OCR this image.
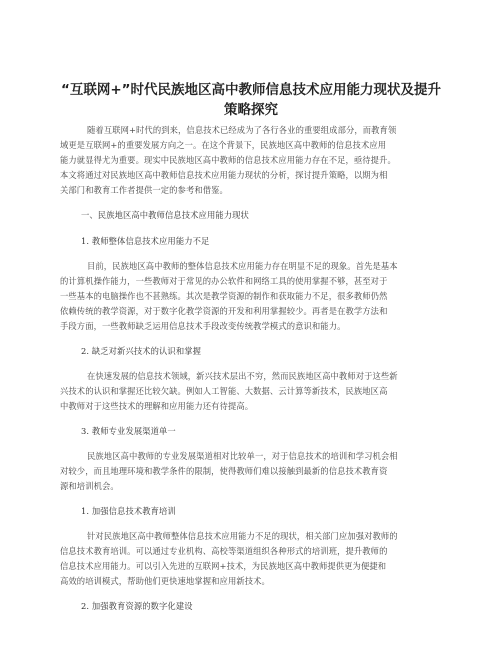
“互联网+”时代民族地区高中教师信息技术应用能力现状及提升
策略探究
随着互联网+时代的到来，信息技术已经成为了各行各业的重要组成部分，而教育领
域更是互联网+的重要发展方向之一。在这个背景下，民族地区高中教师的信息技术应用
能力就显得尤为重要。现实中民族地区高中教师的信息技术应用能力存在不足，亟待提升。
本文将通过对民族地区高中教师信息技术应用能力现状的分析，探讨提升策略，以期为相
关部门和教育工作者提供一定的参考和借鉴。
一、民族地区高中教师信息技术应用能力现状
1. 教师整体信息技术应用能力不足
目前，民族地区高中教师的整体信息技术应用能力存在明显不足的现象。首先是基本
的计算机操作能力，一些教师对于常见的办公软件和网络工具的使用掌握不够，甚至对于
一些基本的电脑操作也不甚熟练。其次是教学资源的制作和获取能力不足，很多教师仍然
依赖传统的教学资源，对于数字化教学资源的开发和利用掌握较少。再者是在教学方法和
手段方面，一些教师缺乏运用信息技术手段改变传统教学模式的意识和能力。
2. 缺乏对新兴技术的认识和掌握
在快速发展的信息技术领域，新兴技术层出不穷，然而民族地区高中教师对于这些新
兴技术的认识和掌握还比较欠缺。例如人工智能、大数据、云计算等新技术，民族地区高
中教师对于这些技术的理解和应用能力还有待提高。
3. 教师专业发展渠道单一
民族地区高中教师的专业发展渠道相对比较单一，对于信息技术的培训和学习机会相
对较少，而且地理环境和教学条件的限制，使得教师们难以接触到最新的信息技术教育资
源和培训机会。
1. 加强信息技术教育培训
针对民族地区高中教师整体信息技术应用能力不足的现状，相关部门应加强对教师的
信息技术教育培训。可以通过专业机构、高校等渠道组织各种形式的培训班，提升教师的
信息技术应用能力。可以引入先进的互联网+技术，为民族地区高中教师提供更为便捷和
高效的培训模式，帮助他们更快速地掌握和应用新技术。
2. 加强教育资源的数字化建设
